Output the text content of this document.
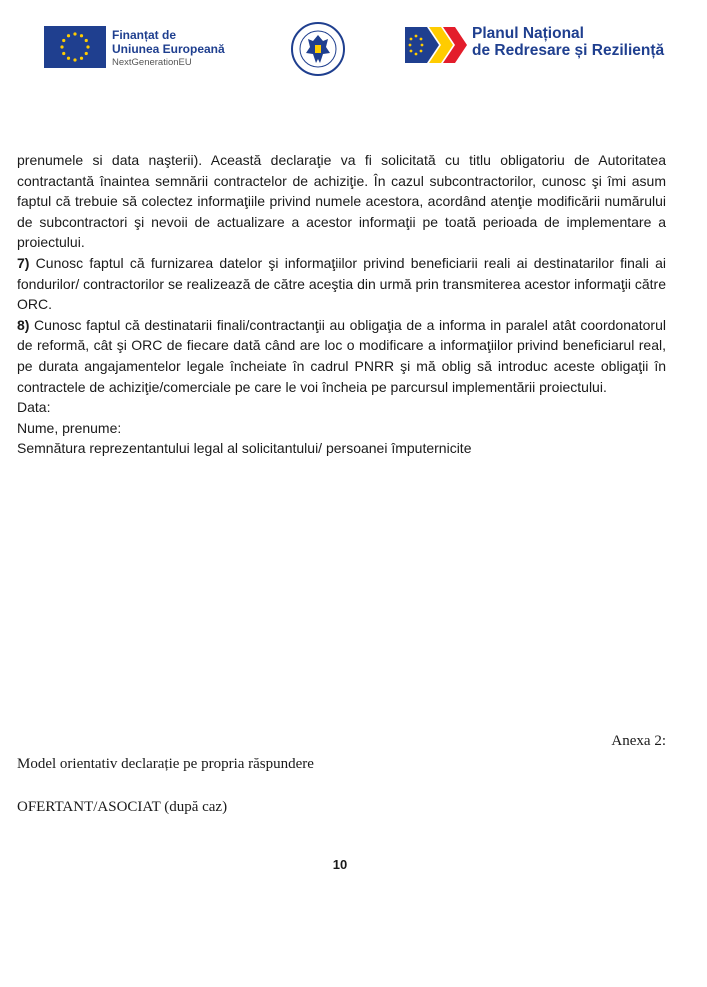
Finanțat de
Uniunea Europeană
NextGenerationEU
Planul Național
de Redresare și Reziliență

prenumele si data naşterii). Această declaraţie va fi solicitată cu titlu obligatoriu de Autoritatea contractantă înaintea semnării contractelor de achiziţie. În cazul subcontractorilor, cunosc şi îmi asum faptul că trebuie să colectez informaţiile privind numele acestora, acordând atenţie modificării numărului de subcontractori şi nevoii de actualizare a acestor informaţii pe toată perioada de implementare a proiectului.

7) Cunosc faptul că furnizarea datelor şi informaţiilor privind beneficiarii reali ai destinatarilor finali ai fondurilor/ contractorilor se realizează de către aceştia din urmă prin transmiterea acestor informaţii către ORC.

8) Cunosc faptul că destinatarii finali/contractanţii au obligaţia de a informa in paralel atât coordonatorul de reformă, cât şi ORC de fiecare dată când are loc o modificare a informaţiilor privind beneficiarul real, pe durata angajamentelor legale încheiate în cadrul PNRR şi mă oblig să introduc aceste obligaţii în contractele de achiziţie/comerciale pe care le voi încheia pe parcursul implementării proiectului.

Data:

Nume, prenume:

Semnătura reprezentantului legal al solicitantului/ persoanei împuternicite

Anexa 2:
Model orientativ declarație pe propria răspundere
OFERTANT/ASOCIAT (după caz)
10
